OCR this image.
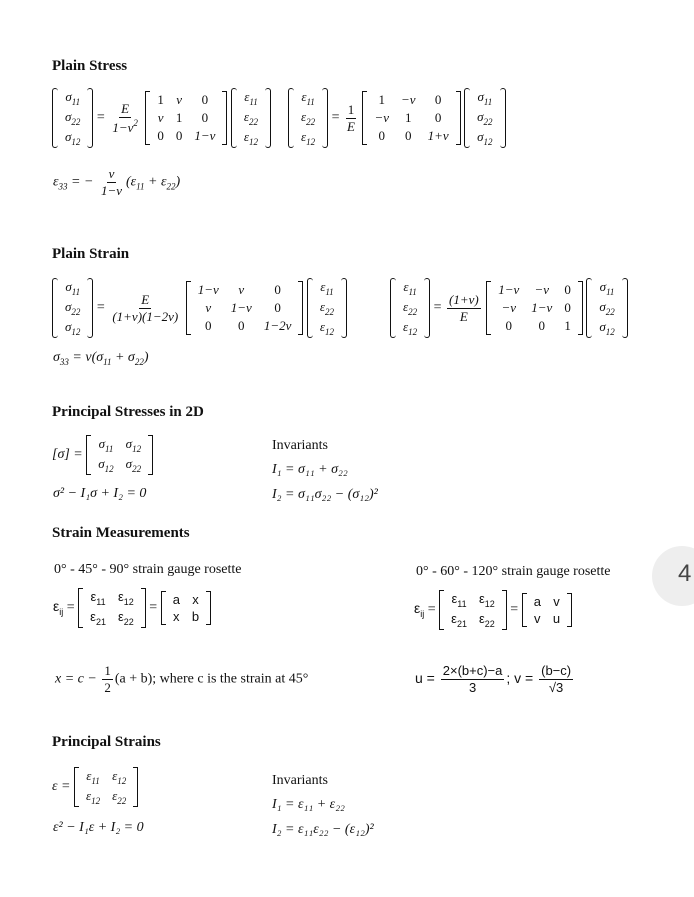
Plain Stress
$\sigma_{11}$
$\sigma_{22}$
$\sigma_{12}$
= $\frac{E}{1-\nu^2}$

1	ν	0
ν	1	0
0	0	1−ν

$\varepsilon_{11}$
$\varepsilon_{22}$
$\varepsilon_{12}$
$\varepsilon_{11}$
$\varepsilon_{22}$
$\varepsilon_{12}$
= $\frac{1}{E}$

1	−ν	0
−ν	1	0
0	0	1+ν

$\sigma_{11}$
$\sigma_{22}$
$\sigma_{12}$
$\varepsilon_{33}$ = − $\frac{\nu}{1-\nu} (\varepsilon_{11} + \varepsilon_{22})$
Plain Strain
$\sigma_{11}$
$\sigma_{22}$
$\sigma_{12}$
= $\frac{E}{(1+\nu)(1-2\nu)}$

1−ν	ν	0
ν	1−ν	0
0	0	1−2ν

$\varepsilon_{11}$
$\varepsilon_{22}$
$\varepsilon_{12}$
$\varepsilon_{11}$
$\varepsilon_{22}$
$\varepsilon_{12}$
= $\frac{(1+\nu)}{E}$

1−ν	−ν	0
−ν	1−ν	0
0	0	1

$\sigma_{11}$
$\sigma_{22}$
$\sigma_{12}$
$\sigma_{33} = \nu(\sigma_{11} + \sigma_{22})$
Principal Stresses in 2D
[σ] =
$\sigma_{11}$	$\sigma_{12}$
$\sigma_{12}$	$\sigma_{22}$
σ² − I₁σ + I₂ = 0
Invariants
I₁ = σ₁₁ + σ₂₂
I₂ = σ₁₁σ₂₂ − (σ₁₂)²
Strain Measurements
0° - 45° - 90° strain gauge rosette	0° - 60° - 120° strain gauge rosette
$\varepsilon_{ij}$ =
$\varepsilon_{11}$	$\varepsilon_{12}$
$\varepsilon_{21}$	$\varepsilon_{22}$
=
a	x
x	b
$\varepsilon_{ij}$ =
$\varepsilon_{11}$	$\varepsilon_{12}$
$\varepsilon_{21}$	$\varepsilon_{22}$
=
a	v
v	u
$x = c - \frac{1}{2} (a + b)$; where c is the strain at 45°	$u = \frac{2\times(b+c)-a}{3}$ ; $v = \frac{(b-c)}{√3}$
Principal Strains
ε =
$\varepsilon_{11}$	$\varepsilon_{12}$
$\varepsilon_{12}$	$\varepsilon_{22}$
ε² − I₁ε + I₂ = 0
Invariants
I₁ = ε₁₁ + ε₂₂
I₂ = ε₁₁ε₂₂ − (ε₁₂)²
4
